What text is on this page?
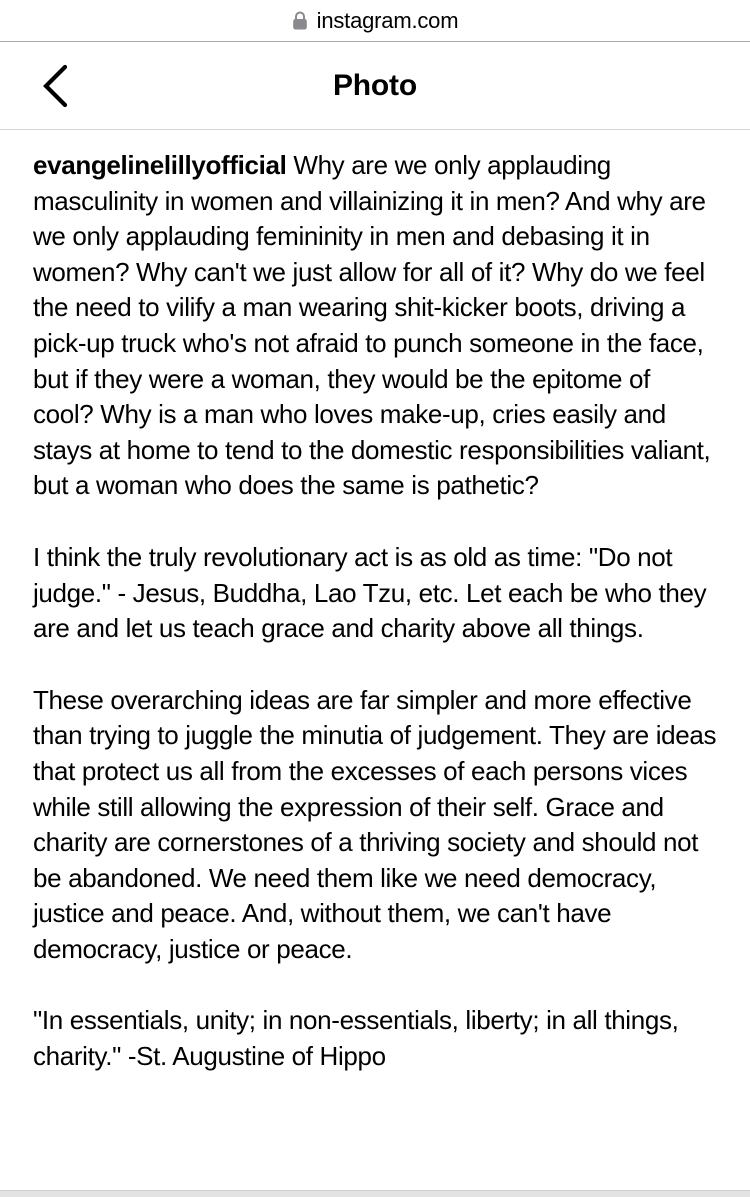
instagram.com
Photo

evangelinelillyofficial Why are we only applauding masculinity in women and villainizing it in men? And why are we only applauding femininity in men and debasing it in women? Why can't we just allow for all of it? Why do we feel the need to vilify a man wearing shit-kicker boots, driving a pick-up truck who's not afraid to punch someone in the face, but if they were a woman, they would be the epitome of cool? Why is a man who loves make-up, cries easily and stays at home to tend to the domestic responsibilities valiant, but a woman who does the same is pathetic?

I think the truly revolutionary act is as old as time: "Do not judge." - Jesus, Buddha, Lao Tzu, etc. Let each be who they are and let us teach grace and charity above all things.

These overarching ideas are far simpler and more effective than trying to juggle the minutia of judgement. They are ideas that protect us all from the excesses of each persons vices while still allowing the expression of their self. Grace and charity are cornerstones of a thriving society and should not be abandoned. We need them like we need democracy, justice and peace. And, without them, we can't have democracy, justice or peace.

"In essentials, unity; in non-essentials, liberty; in all things, charity." -St. Augustine of Hippo
